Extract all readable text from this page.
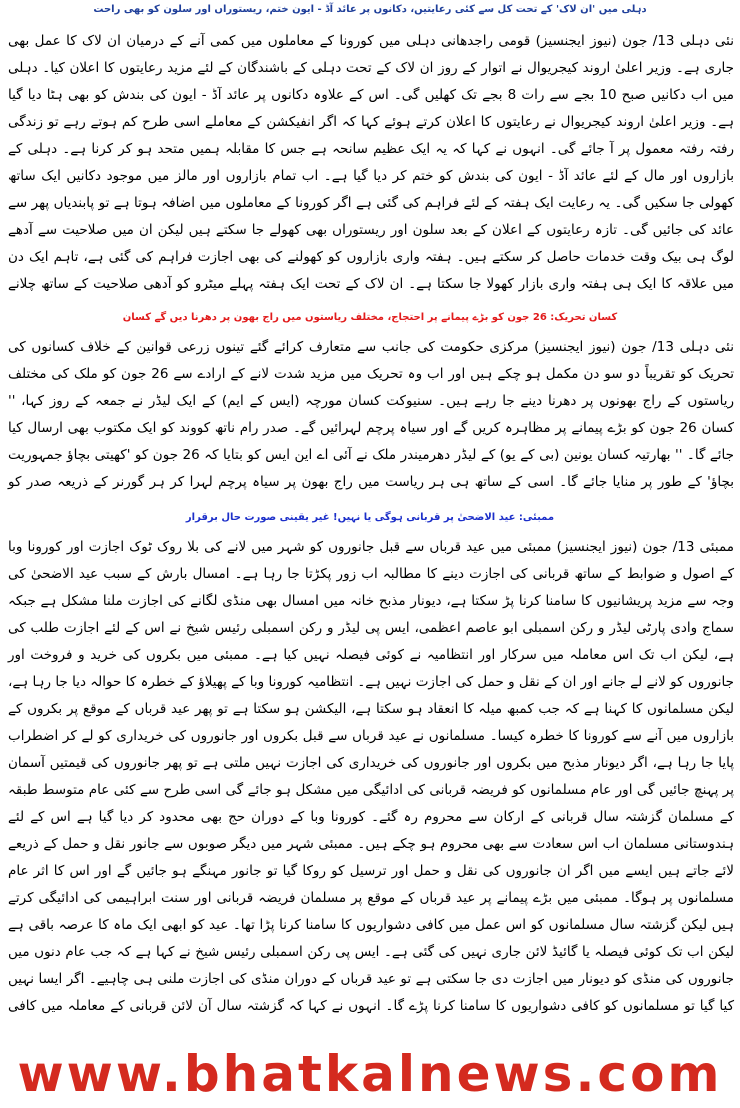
دہلی میں 'ان لاک' کے تحت کل سے کئی رعایتیں، دکانوں پر عائد آڈ - ایون ختم، ریستوراں اور سلون کو بھی راحت
نئی دہلی 13/ جون (نیوز ایجنسیز) قومی راجدھانی دہلی میں کورونا کے معاملوں میں کمی آنے کے درمیان ان لاک کا عمل بھی جاری ہے۔ وزیر اعلیٰ اروند کیجریوال نے اتوار کے روز ان لاک کے تحت دہلی کے باشندگان کے لئے مزید رعایتوں کا اعلان کیا۔ دہلی میں اب دکانیں صبح 10 بجے سے رات 8 بجے تک کھلیں گی۔ اس کے علاوہ دکانوں پر عائد آڈ - ایون کی بندش کو بھی ہٹا دیا گیا ہے۔ وزیر اعلیٰ اروند کیجریوال نے رعایتوں کا اعلان کرتے ہوئے کہا کہ اگر انفیکشن کے معاملے اسی طرح کم ہوتے رہے تو زندگی رفتہ رفتہ معمول پر آ جائے گی۔ انہوں نے کہا کہ یہ ایک عظیم سانحہ ہے جس کا مقابلہ ہمیں متحد ہو کر کرنا ہے۔ دہلی کے بازاروں اور مال کے لئے عائد آڈ - ایون کی بندش کو ختم کر دیا گیا ہے۔ اب تمام بازاروں اور مالز میں موجود دکانیں ایک ساتھ کھولی جا سکیں گی۔ یہ رعایت ایک ہفتہ کے لئے فراہم کی گئی ہے اگر کورونا کے معاملوں میں اضافہ ہوتا ہے تو پابندیاں پھر سے عائد کی جائیں گی۔ تازہ رعایتوں کے اعلان کے بعد سلون اور ریستوراں بھی کھولے جا سکتے ہیں لیکن ان میں صلاحیت سے آدھے لوگ ہی بیک وقت خدمات حاصل کر سکتے ہیں۔ ہفتہ واری بازاروں کو کھولنے کی بھی اجازت فراہم کی گئی ہے، تاہم ایک دن میں علاقہ کا ایک ہی ہفتہ واری بازار کھولا جا سکتا ہے۔ ان لاک کے تحت ایک ہفتہ پہلے میٹرو کو آدھی صلاحیت کے ساتھ چلانے
کسان تحریک: 26 جون کو بڑے پیمانے پر احتجاج، مختلف ریاستوں میں راج بھون پر دھرنا دیں گے کسان
نئی دہلی 13/ جون (نیوز ایجنسیز) مرکزی حکومت کی جانب سے متعارف کرائے گئے تینوں زرعی قوانین کے خلاف کسانوں کی تحریک کو تقریباً دو سو دن مکمل ہو چکے ہیں اور اب وہ تحریک میں مزید شدت لانے کے ارادے سے 26 جون کو ملک کی مختلف ریاستوں کے راج بھونوں پر دھرنا دینے جا رہے ہیں۔ سنیوکت کسان مورچہ (ایس کے ایم) کے ایک لیڈر نے جمعہ کے روز کہا، '' کسان 26 جون کو بڑے پیمانے پر مظاہرہ کریں گے اور سیاہ پرچم لہرائیں گے۔ صدر رام ناتھ کووند کو ایک مکتوب بھی ارسال کیا جائے گا۔ '' بھارتیہ کسان یونین (بی کے یو) کے لیڈر دھرمیندر ملک نے آئی اے این ایس کو بتایا کہ 26 جون کو 'کھیتی بچاؤ جمہوریت بچاؤ' کے طور پر منایا جائے گا۔ اسی کے ساتھ ہی ہر ریاست میں راج بھون پر سیاہ پرچم لہرا کر ہر گورنر کے ذریعہ صدر کو
ممبئی: عید الاضحیٰ پر قربانی ہوگی یا نہیں! غیر یقینی صورت حال برقرار
ممبئی 13/ جون (نیوز ایجنسیز) ممبئی میں عید قرباں سے قبل جانوروں کو شہر میں لانے کی بلا روک ٹوک اجازت اور کورونا وبا کے اصول و ضوابط کے ساتھ قربانی کی اجازت دینے کا مطالبہ اب زور پکڑتا جا رہا ہے۔ امسال بارش کے سبب عید الاضحیٰ کی وجہ سے مزید پریشانیوں کا سامنا کرنا پڑ سکتا ہے، دیونار مذبح خانہ میں امسال بھی منڈی لگانے کی اجازت ملنا مشکل ہے جبکہ سماج وادی پارٹی لیڈر و رکن اسمبلی ابو عاصم اعظمی، ایس پی لیڈر و رکن اسمبلی رئیس شیخ نے اس کے لئے اجازت طلب کی ہے، لیکن اب تک اس معاملہ میں سرکار اور انتظامیہ نے کوئی فیصلہ نہیں کیا ہے۔ ممبئی میں بکروں کی خرید و فروخت اور جانوروں کو لانے لے جانے اور ان کے نقل و حمل کی اجازت نہیں ہے۔ انتظامیہ کورونا وبا کے پھیلاؤ کے خطرہ کا حوالہ دیا جا رہا ہے، لیکن مسلمانوں کا کہنا ہے کہ جب کمبھ میلہ کا انعقاد ہو سکتا ہے، الیکشن ہو سکتا ہے تو پھر عید قرباں کے موقع پر بکروں کے بازاروں میں آنے سے کورونا کا خطرہ کیسا۔ مسلمانوں نے عید قرباں سے قبل بکروں اور جانوروں کی خریداری کو لے کر اضطراب پایا جا رہا ہے، اگر دیونار مذبح میں بکروں اور جانوروں کی خریداری کی اجازت نہیں ملتی ہے تو پھر جانوروں کی قیمتیں آسمان پر پہنچ جائیں گی اور عام مسلمانوں کو فریضہ قربانی کی ادائیگی میں مشکل ہو جائے گی اسی طرح سے کئی عام متوسط طبقہ کے مسلمان گزشتہ سال قربانی کے ارکان سے محروم رہ گئے۔ کورونا وبا کے دوران حج بھی محدود کر دیا گیا ہے اس کے لئے ہندوستانی مسلمان اب اس سعادت سے بھی محروم ہو چکے ہیں۔ ممبئی شہر میں دیگر صوبوں سے جانور نقل و حمل کے ذریعے لائے جاتے ہیں ایسے میں اگر ان جانوروں کی نقل و حمل اور ترسیل کو روکا گیا تو جانور مہنگے ہو جائیں گے اور اس کا اثر عام مسلمانوں پر ہوگا۔ ممبئی میں بڑے پیمانے پر عید قرباں کے موقع پر مسلمان فریضہ قربانی اور سنت ابراہیمی کی ادائیگی کرتے ہیں لیکن گزشتہ سال مسلمانوں کو اس عمل میں کافی دشواریوں کا سامنا کرنا پڑا تھا۔ عید کو ابھی ایک ماہ کا عرصہ باقی ہے لیکن اب تک کوئی فیصلہ یا گائیڈ لائن جاری نہیں کی گئی ہے۔ ایس پی رکن اسمبلی رئیس شیخ نے کہا ہے کہ جب عام دنوں میں جانوروں کی منڈی کو دیونار میں اجازت دی جا سکتی ہے تو عید قرباں کے دوران منڈی کی اجازت ملنی ہی چاہیے۔ اگر ایسا نہیں کیا گیا تو مسلمانوں کو کافی دشواریوں کا سامنا کرنا پڑے گا۔ انہوں نے کہا کہ گزشتہ سال آن لائن قربانی کے معاملہ میں کافی
www.bhatkalnews.com
